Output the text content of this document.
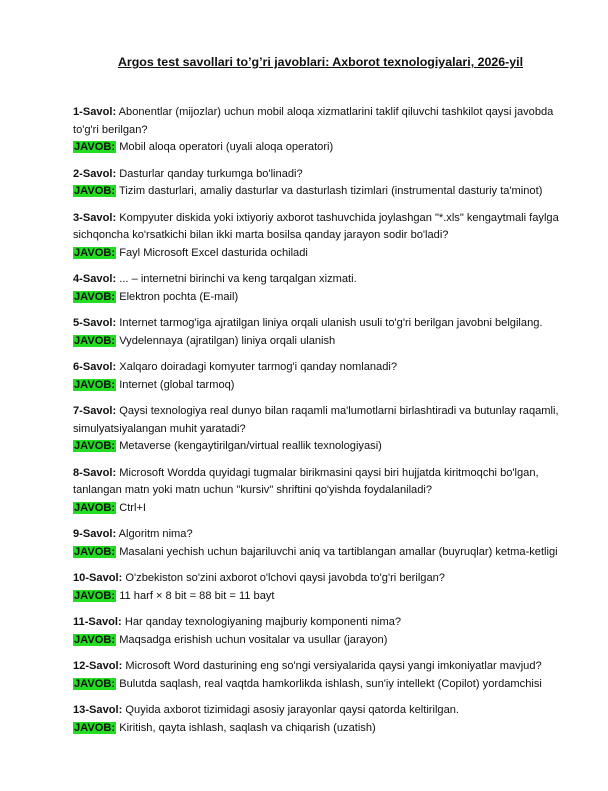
Argos test savollari to’g’ri javoblari: Axborot texnologiyalari, 2026-yil
1-Savol: Abonentlar (mijozlar) uchun mobil aloqa xizmatlarini taklif qiluvchi tashkilot qaysi javobda to'g'ri berilgan?
JAVOB: Mobil aloqa operatori (uyali aloqa operatori)
2-Savol: Dasturlar qanday turkumga bo'linadi?
JAVOB: Tizim dasturlari, amaliy dasturlar va dasturlash tizimlari (instrumental dasturiy ta'minot)
3-Savol: Kompyuter diskida yoki ixtiyoriy axborot tashuvchida joylashgan "*.xls" kengaytmali faylga sichqoncha ko'rsatkichi bilan ikki marta bosilsa qanday jarayon sodir bo'ladi?
JAVOB: Fayl Microsoft Excel dasturida ochiladi
4-Savol: ... – internetni birinchi va keng tarqalgan xizmati.
JAVOB: Elektron pochta (E-mail)
5-Savol: Internet tarmog'iga ajratilgan liniya orqali ulanish usuli to'g'ri berilgan javobni belgilang.
JAVOB: Vydelennaya (ajratilgan) liniya orqali ulanish
6-Savol: Xalqaro doiradagi komyuter tarmog'i qanday nomlanadi?
JAVOB: Internet (global tarmoq)
7-Savol: Qaysi texnologiya real dunyo bilan raqamli ma'lumotlarni birlashtiradi va butunlay raqamli, simulyatsiyalangan muhit yaratadi?
JAVOB: Metaverse (kengaytirilgan/virtual reallik texnologiyasi)
8-Savol: Microsoft Wordda quyidagi tugmalar birikmasini qaysi biri hujjatda kiritmoqchi bo'lgan, tanlangan matn yoki matn uchun "kursiv" shriftini qo'yishda foydalaniladi?
JAVOB: Ctrl+I
9-Savol: Algoritm nima?
JAVOB: Masalani yechish uchun bajariluvchi aniq va tartiblangan amallar (buyruqlar) ketma-ketligi
10-Savol: O'zbekiston so'zini axborot o'lchovi qaysi javobda to'g'ri berilgan?
JAVOB: 11 harf × 8 bit = 88 bit = 11 bayt
11-Savol: Har qanday texnologiyaning majburiy komponenti nima?
JAVOB: Maqsadga erishish uchun vositalar va usullar (jarayon)
12-Savol: Microsoft Word dasturining eng so'ngi versiyalarida qaysi yangi imkoniyatlar mavjud?
JAVOB: Bulutda saqlash, real vaqtda hamkorlikda ishlash, sun'iy intellekt (Copilot) yordamchisi
13-Savol: Quyida axborot tizimidagi asosiy jarayonlar qaysi qatorda keltirilgan.
JAVOB: Kiritish, qayta ishlash, saqlash va chiqarish (uzatish)
